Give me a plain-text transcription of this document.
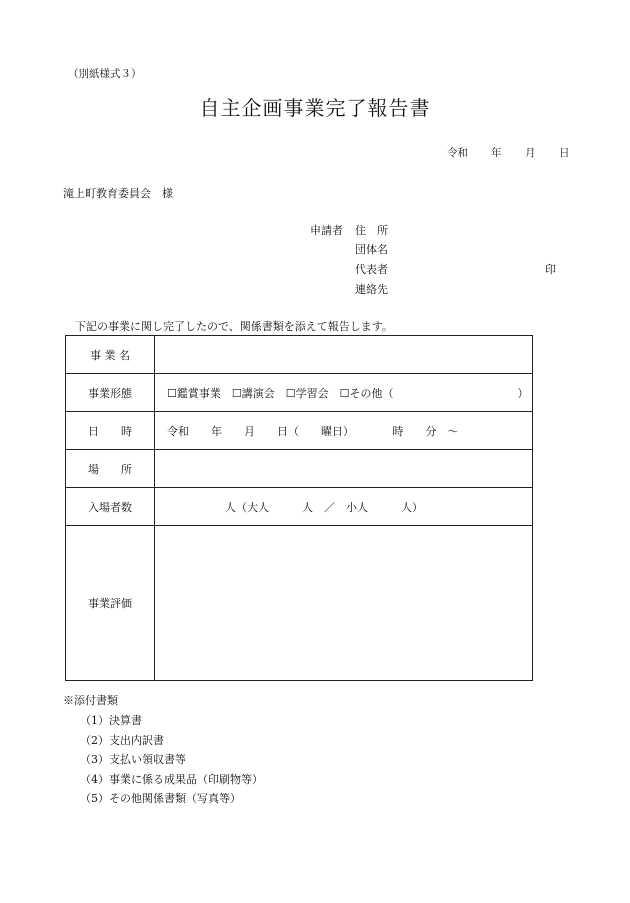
（別紙様式３）
自主企画事業完了報告書
令和 年 月 日
滝上町教育委員会　様
申請者 住　所
団体名
代表者	印
連絡先
下記の事業に関し完了したので、関係書類を添えて報告します。
事 業 名	
事業形態	☐鑑賞事業　☐講演会　☐学習会　☐その他（ ）

日　　時	令和　　年　　月　　日（　　曜日）　　　　時　　分　～
場　　所	
入場者数	人（大人　　　人　／　小人　　　人）
事業評価	
※添付書類
（1）決算書
（2）支出内訳書
（3）支払い領収書等
（4）事業に係る成果品（印刷物等）
（5）その他関係書類（写真等）
